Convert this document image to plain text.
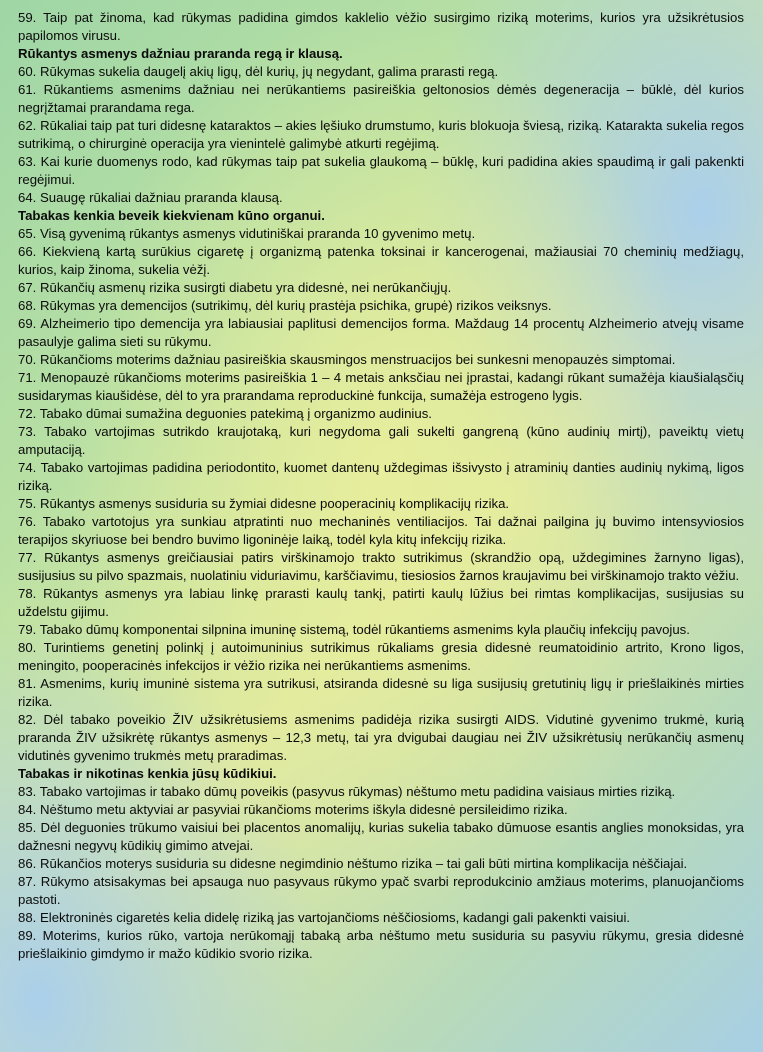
59. Taip pat žinoma, kad rūkymas padidina gimdos kaklelio vėžio susirgimo riziką moterims, kurios yra užsikrėtusios papilomos virusu.

Rūkantys asmenys dažniau praranda regą ir klausą.

60. Rūkymas sukelia daugelį akių ligų, dėl kurių, jų negydant, galima prarasti regą.

61. Rūkantiems asmenims dažniau nei nerūkantiems pasireiškia geltonosios dėmės degeneracija – būklė, dėl kurios negrįžtamai prarandama rega.

62. Rūkaliai taip pat turi didesnę kataraktos – akies lęšiuko drumstumo, kuris blokuoja šviesą, riziką. Katarakta sukelia regos sutrikimą, o chirurginė operacija yra vienintelė galimybė atkurti regėjimą.

63. Kai kurie duomenys rodo, kad rūkymas taip pat sukelia glaukomą – būklę, kuri padidina akies spaudimą ir gali pakenkti regėjimui.

64. Suaugę rūkaliai dažniau praranda klausą.

Tabakas kenkia beveik kiekvienam kūno organui.

65. Visą gyvenimą rūkantys asmenys vidutiniškai praranda 10 gyvenimo metų.

66. Kiekvieną kartą surūkius cigaretę į organizmą patenka toksinai ir kancerogenai, mažiausiai 70 cheminių medžiagų, kurios, kaip žinoma, sukelia vėžį.

67. Rūkančių asmenų rizika susirgti diabetu yra didesnė, nei nerūkančiųjų.

68. Rūkymas yra demencijos (sutrikimų, dėl kurių prastėja psichika, grupė) rizikos veiksnys.

69. Alzheimerio tipo demencija yra labiausiai paplitusi demencijos forma. Maždaug 14 procentų Alzheimerio atvejų visame pasaulyje galima sieti su rūkymu.

70. Rūkančioms moterims dažniau pasireiškia skausmingos menstruacijos bei sunkesni menopauzės simptomai.

71. Menopauzė rūkančioms moterims pasireiškia 1 – 4 metais anksčiau nei įprastai, kadangi rūkant sumažėja kiaušialąsčių susidarymas kiaušidėse, dėl to yra prarandama reproduckinė funkcija, sumažėja estrogeno lygis.

72. Tabako dūmai sumažina deguonies patekimą į organizmo audinius.

73. Tabako vartojimas sutrikdo kraujotaką, kuri negydoma gali sukelti gangreną (kūno audinių mirtį), paveiktų vietų amputaciją.

74. Tabako vartojimas padidina periodontito, kuomet dantenų uždegimas išsivysto į atraminių danties audinių nykimą, ligos riziką.

75. Rūkantys asmenys susiduria su žymiai didesne pooperacinių komplikacijų rizika.

76. Tabako vartotojus yra sunkiau atpratinti nuo mechaninės ventiliacijos. Tai dažnai pailgina jų buvimo intensyviosios terapijos skyriuose bei bendro buvimo ligoninėje laiką, todėl kyla kitų infekcijų rizika.

77. Rūkantys asmenys greičiausiai patirs virškinamojo trakto sutrikimus (skrandžio opą, uždegimines žarnyno ligas), susijusius su pilvo spazmais, nuolatiniu viduriavimu, karščiavimu, tiesiosios žarnos kraujavimu bei virškinamojo trakto vėžiu.

78. Rūkantys asmenys yra labiau linkę prarasti kaulų tankį, patirti kaulų lūžius bei rimtas komplikacijas, susijusias su uždelstu gijimu.

79. Tabako dūmų komponentai silpnina imuninę sistemą, todėl rūkantiems asmenims kyla plaučių infekcijų pavojus.

80. Turintiems genetinį polinkį į autoimuninius sutrikimus rūkaliams gresia didesnė reumatoidinio artrito, Krono ligos, meningito, pooperacinės infekcijos ir vėžio rizika nei nerūkantiems asmenims.

81. Asmenims, kurių imuninė sistema yra sutrikusi, atsiranda didesnė su liga susijusių gretutinių ligų ir priešlaikinės mirties rizika.

82. Dėl tabako poveikio ŽIV užsikrėtusiems asmenims padidėja rizika susirgti AIDS. Vidutinė gyvenimo trukmė, kurią praranda ŽIV užsikrėtę rūkantys asmenys – 12,3 metų, tai yra dvigubai daugiau nei ŽIV užsikrėtusių nerūkančių asmenų vidutinės gyvenimo trukmės metų praradimas.

Tabakas ir nikotinas kenkia jūsų kūdikiui.

83. Tabako vartojimas ir tabako dūmų poveikis (pasyvus rūkymas) nėštumo metu padidina vaisiaus mirties riziką.

84. Nėštumo metu aktyviai ar pasyviai rūkančioms moterims iškyla didesnė persileidimo rizika.

85. Dėl deguonies trūkumo vaisiui bei placentos anomalijų, kurias sukelia tabako dūmuose esantis anglies monoksidas, yra dažnesni negyvų kūdikių gimimo atvejai.

86. Rūkančios moterys susiduria su didesne negimdinio nėštumo rizika – tai gali būti mirtina komplikacija nėščiajai.

87. Rūkymo atsisakymas bei apsauga nuo pasyvaus rūkymo ypač svarbi reprodukcinio amžiaus moterims, planuojančioms pastoti.

88. Elektroninės cigaretės kelia didelę riziką jas vartojančioms nėščiosioms, kadangi gali pakenkti vaisiui.

89. Moterims, kurios rūko, vartoja nerūkomąjį tabaką arba nėštumo metu susiduria su pasyviu rūkymu, gresia didesnė priešlaikinio gimdymo ir mažo kūdikio svorio rizika.
